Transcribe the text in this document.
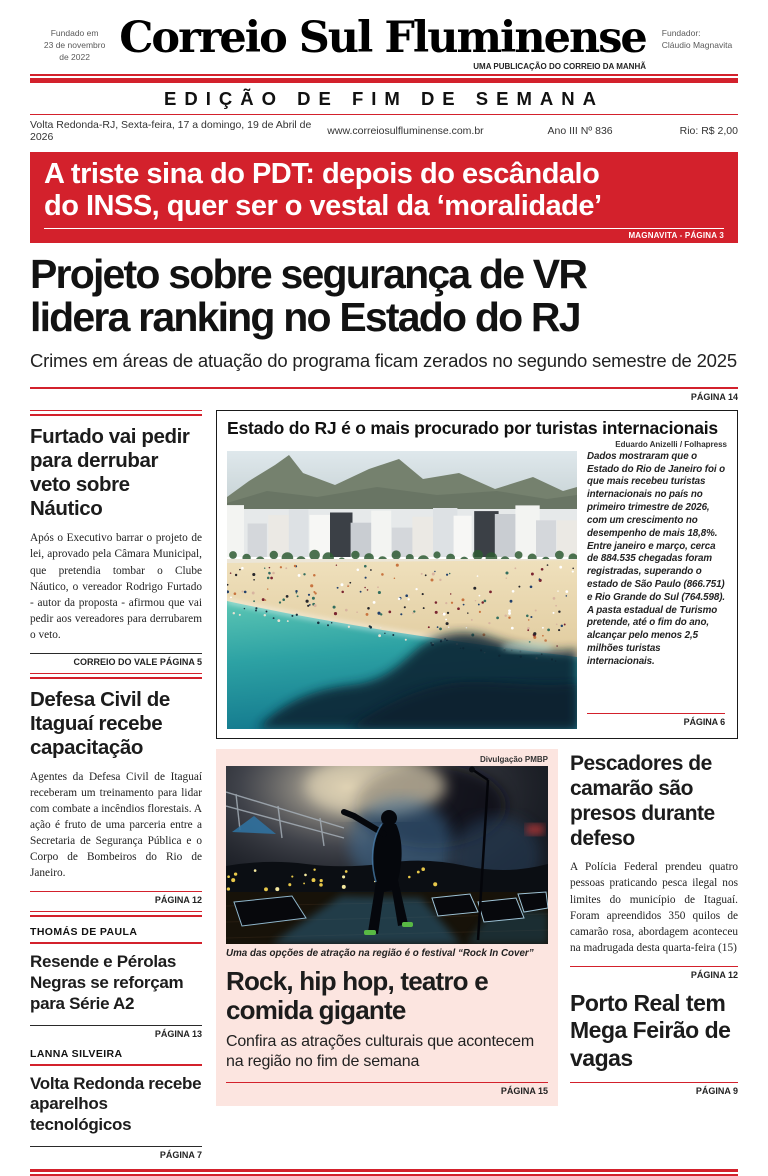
Fundado em
23 de novembro
de 2022 Correio Sul Fluminense Fundador:
Cláudio Magnavita
UMA PUBLICAÇÃO DO CORREIO DA MANHÃ
EDIÇÃO DE FIM DE SEMANA
Volta Redonda-RJ, Sexta-feira, 17 a domingo, 19 de Abril de 2026	www.correiosulfluminense.com.br	Ano III Nº 836	Rio: R$ 2,00
A triste sina do PDT: depois do escândalo
do INSS, quer ser o vestal da ‘moralidade’
MAGNAVITA - PÁGINA 3
Projeto sobre segurança de VR
lidera ranking no Estado do RJ
Crimes em áreas de atuação do programa ficam zerados no segundo semestre de 2025
PÁGINA 14
Furtado vai pedir para derrubar veto sobre Náutico
Após o Executivo barrar o projeto de lei, aprovado pela Câmara Municipal, que pretendia tombar o Clube Náutico, o vereador Rodrigo Furtado - autor da proposta - afirmou que vai pedir aos vereadores para derrubarem o veto.
CORREIO DO VALE PÁGINA 5
Defesa Civil de Itaguaí recebe capacitação
Agentes da Defesa Civil de Itaguaí receberam um treinamento para lidar com combate a incêndios florestais. A ação é fruto de uma parceria entre a Secretaria de Segurança Pública e o Corpo de Bombeiros do Rio de Janeiro.
PÁGINA 12
THOMÁS DE PAULA
Resende e Pérolas Negras se reforçam para Série A2
PÁGINA 13
LANNA SILVEIRA
Volta Redonda recebe aparelhos tecnológicos
PÁGINA 7
Estado do RJ é o mais procurado por turistas internacionais
Eduardo Anizelli / Folhapress
Dados mostraram que o Estado do Rio de Janeiro foi o que mais recebeu turistas internacionais no país no primeiro trimestre de 2026, com um crescimento no desempenho de mais 18,8%. Entre janeiro e março, cerca de 884.535 chegadas foram registradas, superando o estado de São Paulo (866.751) e Rio Grande do Sul (764.598). A pasta estadual de Turismo pretende, até o fim do ano, alcançar pelo menos 2,5 milhões turistas internacionais.
PÁGINA 6
Divulgação PMBP
Uma das opções de atração na região é o festival “Rock In Cover”
Rock, hip hop, teatro e comida gigante
Confira as atrações culturais que acontecem na região no fim de semana
PÁGINA 15
Pescadores de camarão são presos durante defeso
A Polícia Federal prendeu quatro pessoas praticando pesca ilegal nos limites do município de Itaguaí. Foram apreendidos 350 quilos de camarão rosa, abordagem aconteceu na madrugada desta quarta-feira (15)
PÁGINA 12
Porto Real tem Mega Feirão de vagas
PÁGINA 9
